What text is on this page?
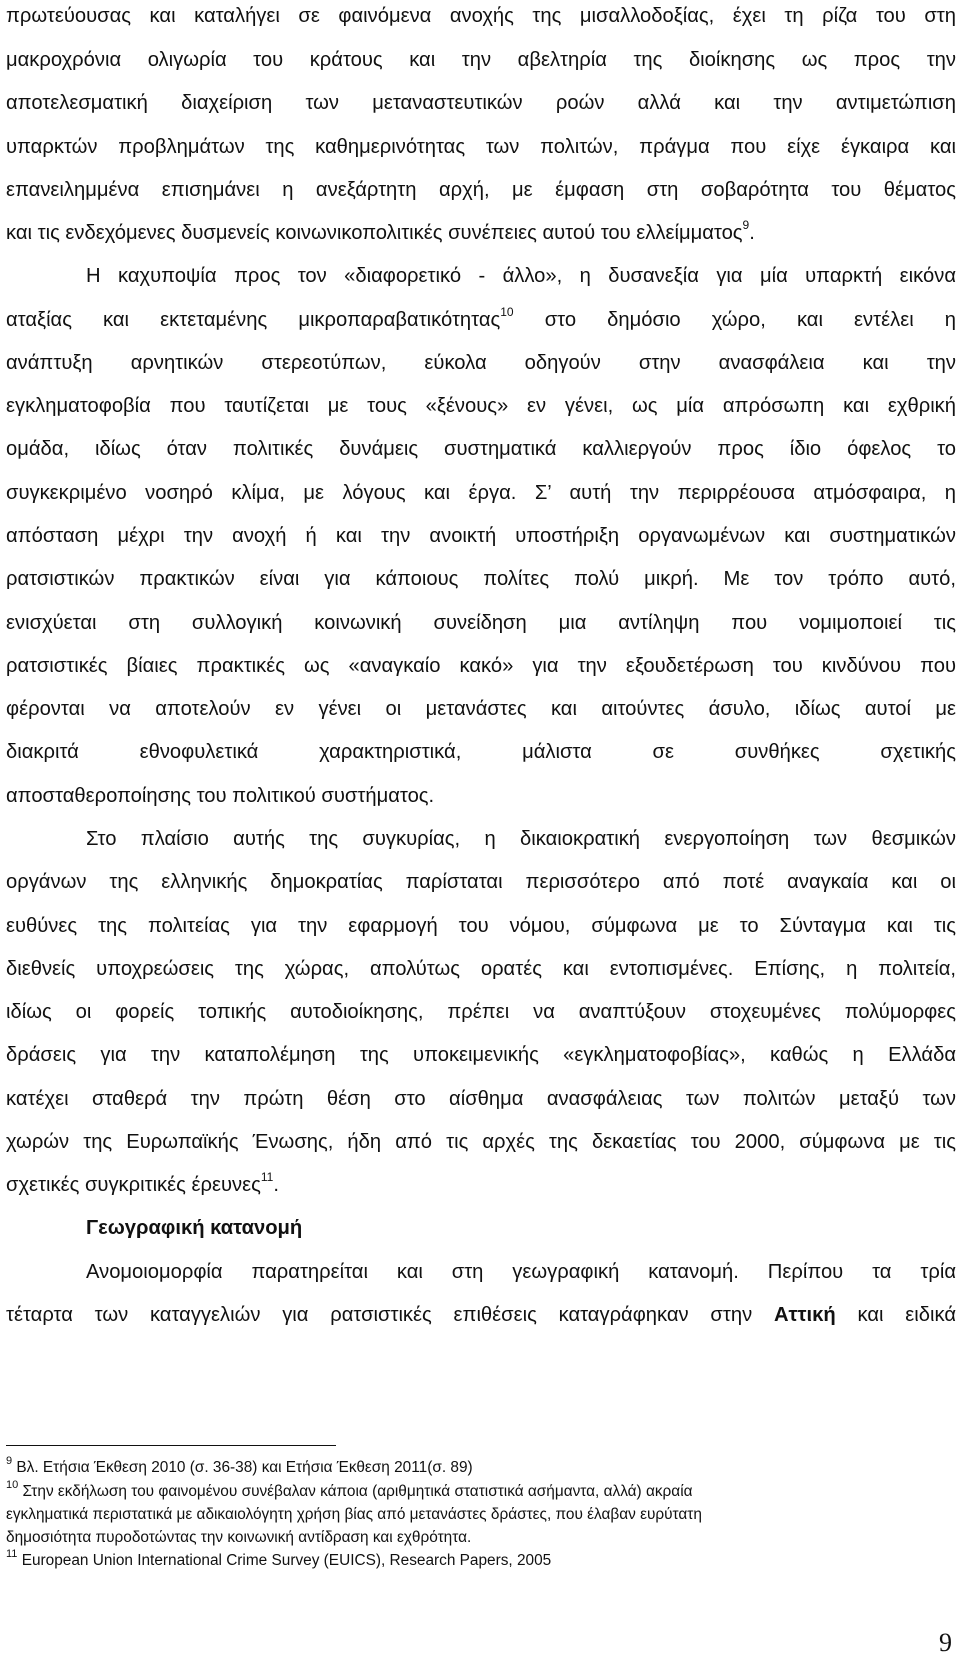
πρωτεύουσας και καταλήγει σε φαινόμενα ανοχής της μισαλλοδοξίας, έχει τη ρίζα του στη
μακροχρόνια ολιγωρία του κράτους και την αβελτηρία της διοίκησης ως προς την
αποτελεσματική διαχείριση των μεταναστευτικών ροών αλλά και την αντιμετώπιση
υπαρκτών προβλημάτων της καθημερινότητας των πολιτών, πράγμα που είχε έγκαιρα και
επανειλημμένα επισημάνει η ανεξάρτητη αρχή, με έμφαση στη σοβαρότητα του θέματος
και τις ενδεχόμενες δυσμενείς κοινωνικοπολιτικές συνέπειες αυτού του ελλείμματος$^9$.
Η καχυποψία προς τον «διαφορετικό - άλλο», η δυσανεξία για μία υπαρκτή εικόνα
αταξίας και εκτεταμένης μικροπαραβατικότητας$^{10}$ στο δημόσιο χώρο, και εντέλει η
ανάπτυξη αρνητικών στερεοτύπων, εύκολα οδηγούν στην ανασφάλεια και την
εγκληματοφοβία που ταυτίζεται με τους «ξένους» εν γένει, ως μία απρόσωπη και εχθρική
ομάδα, ιδίως όταν πολιτικές δυνάμεις συστηματικά καλλιεργούν προς ίδιο όφελος το
συγκεκριμένο νοσηρό κλίμα, με λόγους και έργα. Σ’ αυτή την περιρρέουσα ατμόσφαιρα, η
απόσταση μέχρι την ανοχή ή και την ανοικτή υποστήριξη οργανωμένων και συστηματικών
ρατσιστικών πρακτικών είναι για κάποιους πολίτες πολύ μικρή. Με τον τρόπο αυτό,
ενισχύεται στη συλλογική κοινωνική συνείδηση μια αντίληψη που νομιμοποιεί τις
ρατσιστικές βίαιες πρακτικές ως «αναγκαίο κακό» για την εξουδετέρωση του κινδύνου που
φέρονται να αποτελούν εν γένει οι μετανάστες και αιτούντες άσυλο, ιδίως αυτοί με
διακριτά εθνοφυλετικά χαρακτηριστικά, μάλιστα σε συνθήκες σχετικής
αποσταθεροποίησης του πολιτικού συστήματος.
Στο πλαίσιο αυτής της συγκυρίας, η δικαιοκρατική ενεργοποίηση των θεσμικών
οργάνων της ελληνικής δημοκρατίας παρίσταται περισσότερο από ποτέ αναγκαία και οι
ευθύνες της πολιτείας για την εφαρμογή του νόμου, σύμφωνα με το Σύνταγμα και τις
διεθνείς υποχρεώσεις της χώρας, απολύτως ορατές και εντοπισμένες. Επίσης, η πολιτεία,
ιδίως οι φορείς τοπικής αυτοδιοίκησης, πρέπει να αναπτύξουν στοχευμένες πολύμορφες
δράσεις για την καταπολέμηση της υποκειμενικής «εγκληματοφοβίας», καθώς η Ελλάδα
κατέχει σταθερά την πρώτη θέση στο αίσθημα ανασφάλειας των πολιτών μεταξύ των
χωρών της Ευρωπαϊκής Ένωσης, ήδη από τις αρχές της δεκαετίας του 2000, σύμφωνα με τις
σχετικές συγκριτικές έρευνες$^{11}$.
Γεωγραφική κατανομή
Ανομοιομορφία παρατηρείται και στη γεωγραφική κατανομή. Περίπου τα τρία
τέταρτα των καταγγελιών για ρατσιστικές επιθέσεις καταγράφηκαν στην Αττική και ειδικά
$^9$ Βλ. Ετήσια Έκθεση 2010 (σ. 36-38) και Ετήσια Έκθεση 2011(σ. 89)
$^{10}$ Στην εκδήλωση του φαινομένου συνέβαλαν κάποια (αριθμητικά στατιστικά ασήμαντα, αλλά) ακραία
εγκληματικά περιστατικά με αδικαιολόγητη χρήση βίας από μετανάστες δράστες, που έλαβαν ευρύτατη
δημοσιότητα πυροδοτώντας την κοινωνική αντίδραση και εχθρότητα.
$^{11}$ European Union International Crime Survey (EUICS), Research Papers, 2005
9
